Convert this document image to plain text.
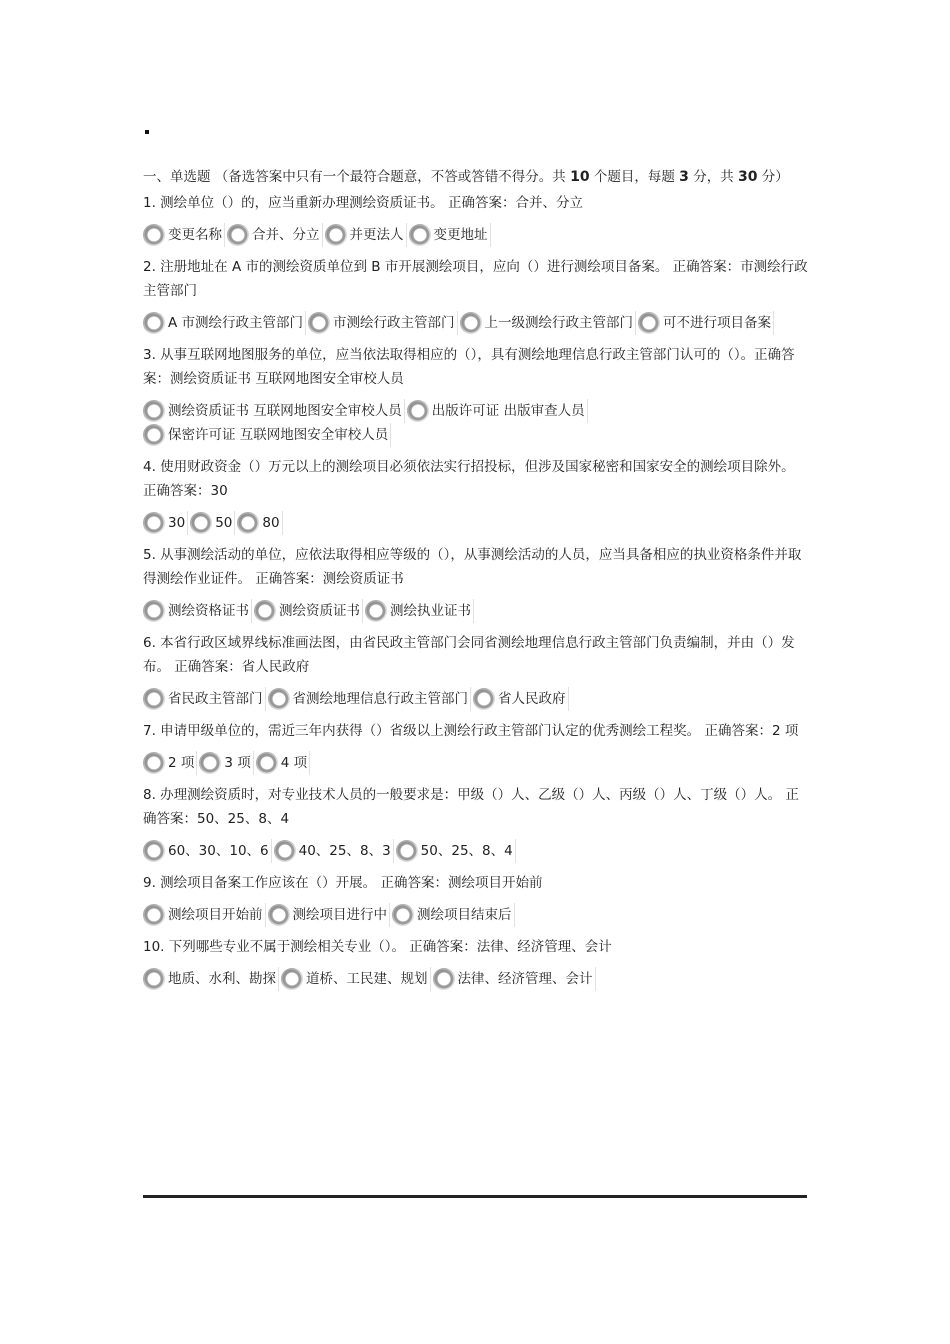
一、单选题 （备选答案中只有一个最符合题意，不答或答错不得分。共 10 个题目，每题 3 分，共 30 分）
1. 测绘单位（）的，应当重新办理测绘资质证书。 正确答案：合并、分立
变更名称 合并、分立 并更法人 变更地址
2. 注册地址在 A 市的测绘资质单位到 B 市开展测绘项目，应向（）进行测绘项目备案。 正确答案：市测绘行政主管部门
A 市测绘行政主管部门 市测绘行政主管部门 上一级测绘行政主管部门 可不进行项目备案
3. 从事互联网地图服务的单位，应当依法取得相应的（），具有测绘地理信息行政主管部门认可的（）。正确答案：测绘资质证书 互联网地图安全审校人员
测绘资质证书 互联网地图安全审校人员 出版许可证 出版审查人员
保密许可证 互联网地图安全审校人员
4. 使用财政资金（）万元以上的测绘项目必须依法实行招投标，但涉及国家秘密和国家安全的测绘项目除外。 正确答案：30
30 50 80
5. 从事测绘活动的单位，应依法取得相应等级的（），从事测绘活动的人员，应当具备相应的执业资格条件并取得测绘作业证件。 正确答案：测绘资质证书
测绘资格证书 测绘资质证书 测绘执业证书
6. 本省行政区域界线标准画法图，由省民政主管部门会同省测绘地理信息行政主管部门负责编制，并由（）发布。 正确答案：省人民政府
省民政主管部门 省测绘地理信息行政主管部门 省人民政府
7. 申请甲级单位的，需近三年内获得（）省级以上测绘行政主管部门认定的优秀测绘工程奖。 正确答案：2 项
2 项 3 项 4 项
8. 办理测绘资质时，对专业技术人员的一般要求是：甲级（）人、乙级（）人、丙级（）人、丁级（）人。 正确答案：50、25、8、4
60、30、10、6 40、25、8、3 50、25、8、4
9. 测绘项目备案工作应该在（）开展。 正确答案：测绘项目开始前
测绘项目开始前 测绘项目进行中 测绘项目结束后
10. 下列哪些专业不属于测绘相关专业（）。 正确答案：法律、经济管理、会计
地质、水利、勘探 道桥、工民建、规划 法律、经济管理、会计
